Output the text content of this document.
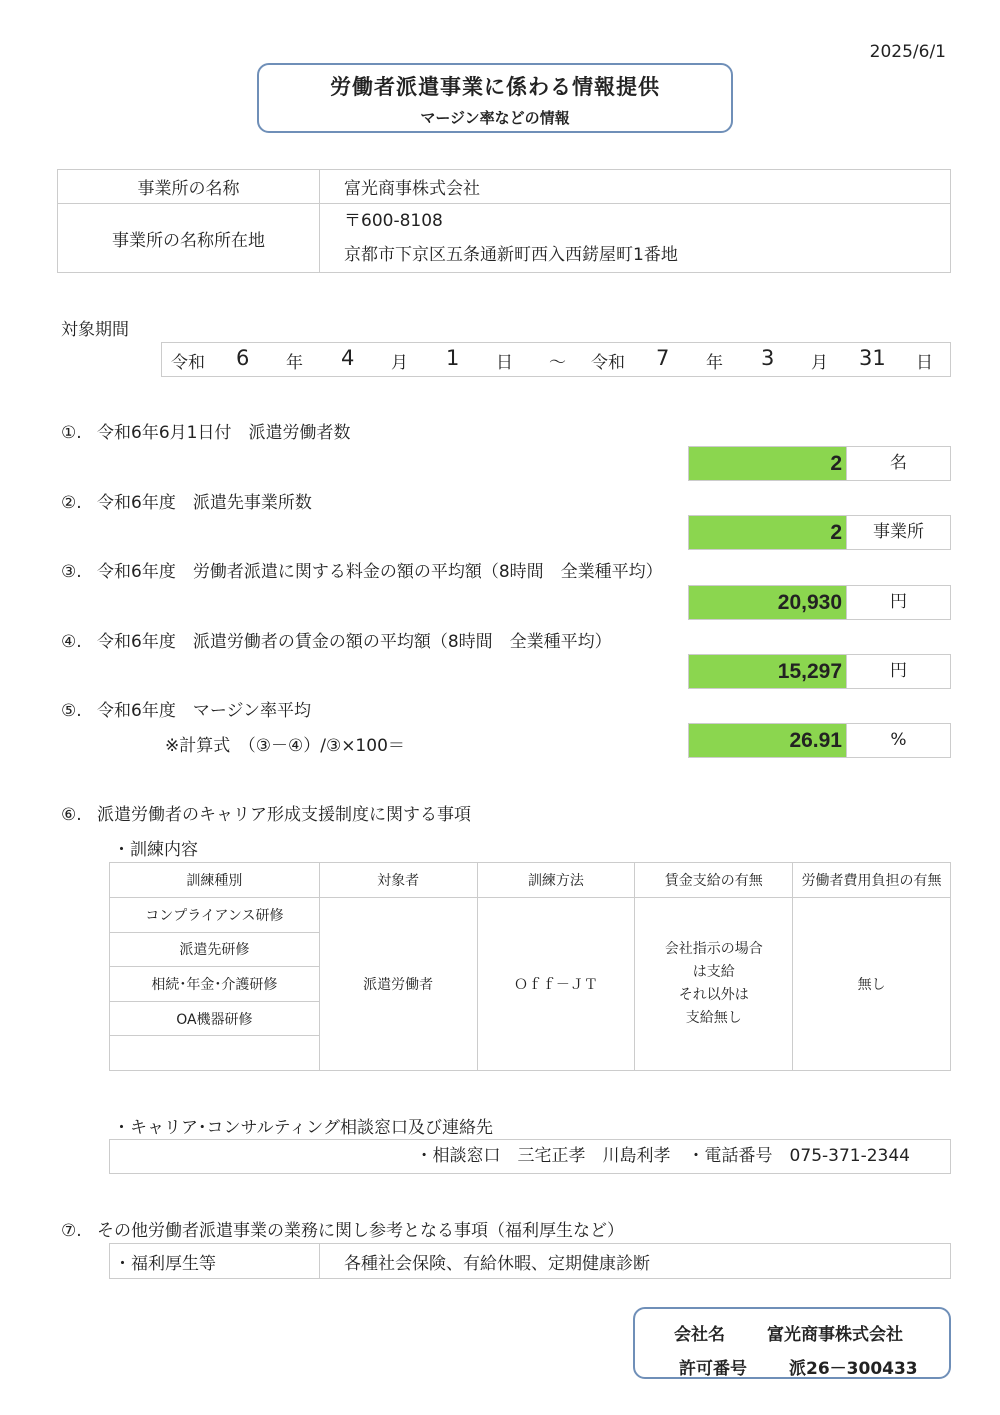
2025/6/1
労働者派遣事業に係わる情報提供
マージン率などの情報
事業所の名称	富光商事株式会社
事業所の名称所在地	〒600-8108
京都市下京区五条通新町西入西錺屋町1番地
対象期間
令和 6 年 4 月 1 日 ～ 令和 7 年 3 月 31 日
①. 令和6年6月1日付　派遣労働者数
2	名
②. 令和6年度　派遣先事業所数
2	事業所
③. 令和6年度　労働者派遣に関する料金の額の平均額（8時間　全業種平均）
20,930	円
④. 令和6年度　派遣労働者の賃金の額の平均額（8時間　全業種平均）
15,297	円
⑤. 令和6年度　マージン率平均
※計算式　（③－④）/③×100＝	26.91	%
⑥. 派遣労働者のキャリア形成支援制度に関する事項
・訓練内容
訓練種別	対象者	訓練方法	賃金支給の有無	労働者費用負担の有無
コンプライアンス研修	派遣労働者	Ｏｆｆ－ＪＴ	会社指示の場合
は支給
それ以外は
支給無し	無し
派遣先研修				
相続･年金･介護研修				
OA機器研修				

・キャリア･コンサルティング相談窓口及び連絡先
・相談窓口　三宅正孝　川島利孝　・電話番号　075-371-2344
⑦. その他労働者派遣事業の業務に関し参考となる事項（福利厚生など）
・福利厚生等	各種社会保険、有給休暇、定期健康診断
会社名 富光商事株式会社
許可番号 派26－300433
